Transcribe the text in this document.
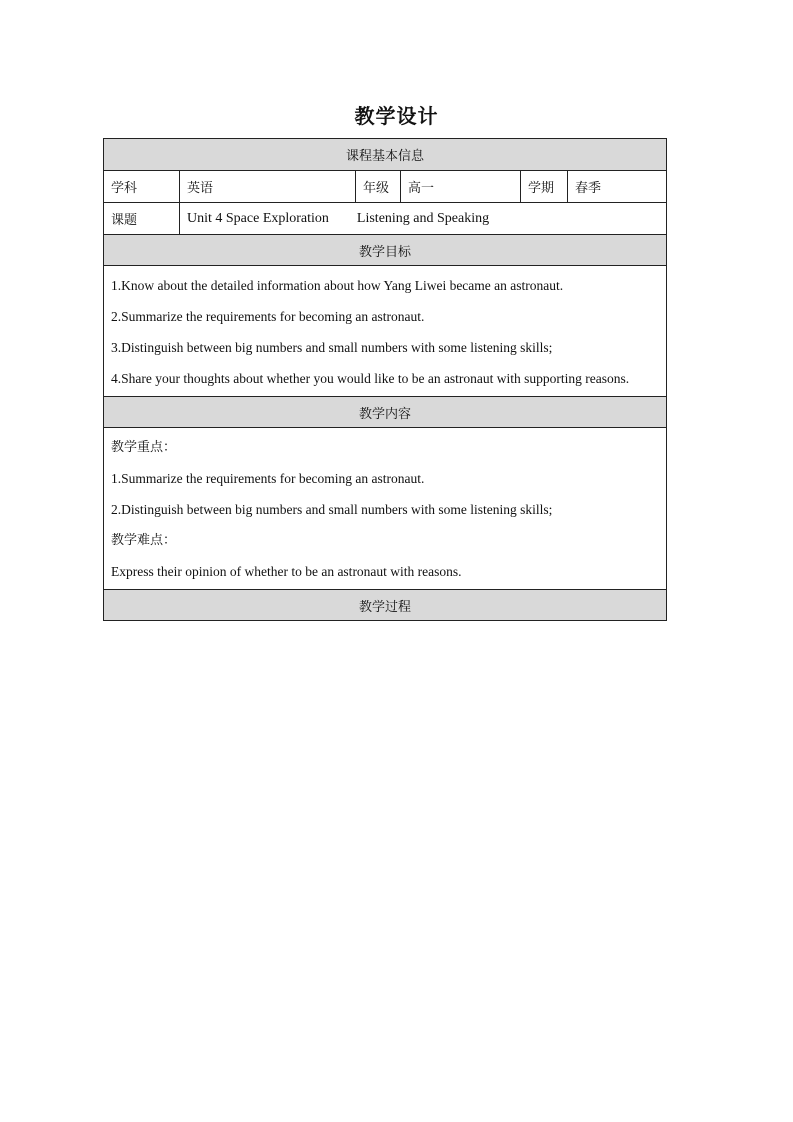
教学设计
课程基本信息
学科	英语	年级	高一	学期	春季
课题	Unit 4 Space Exploration Listening and Speaking
教学目标
1.Know about the detailed information about how Yang Liwei became an astronaut.
2.Summarize the requirements for becoming an astronaut.
3.Distinguish between big numbers and small numbers with some listening skills;
4.Share your thoughts about whether you would like to be an astronaut with supporting reasons.
教学内容
教学重点：
1.Summarize the requirements for becoming an astronaut.
2.Distinguish between big numbers and small numbers with some listening skills;
教学难点：
Express their opinion of whether to be an astronaut with reasons.
教学过程
